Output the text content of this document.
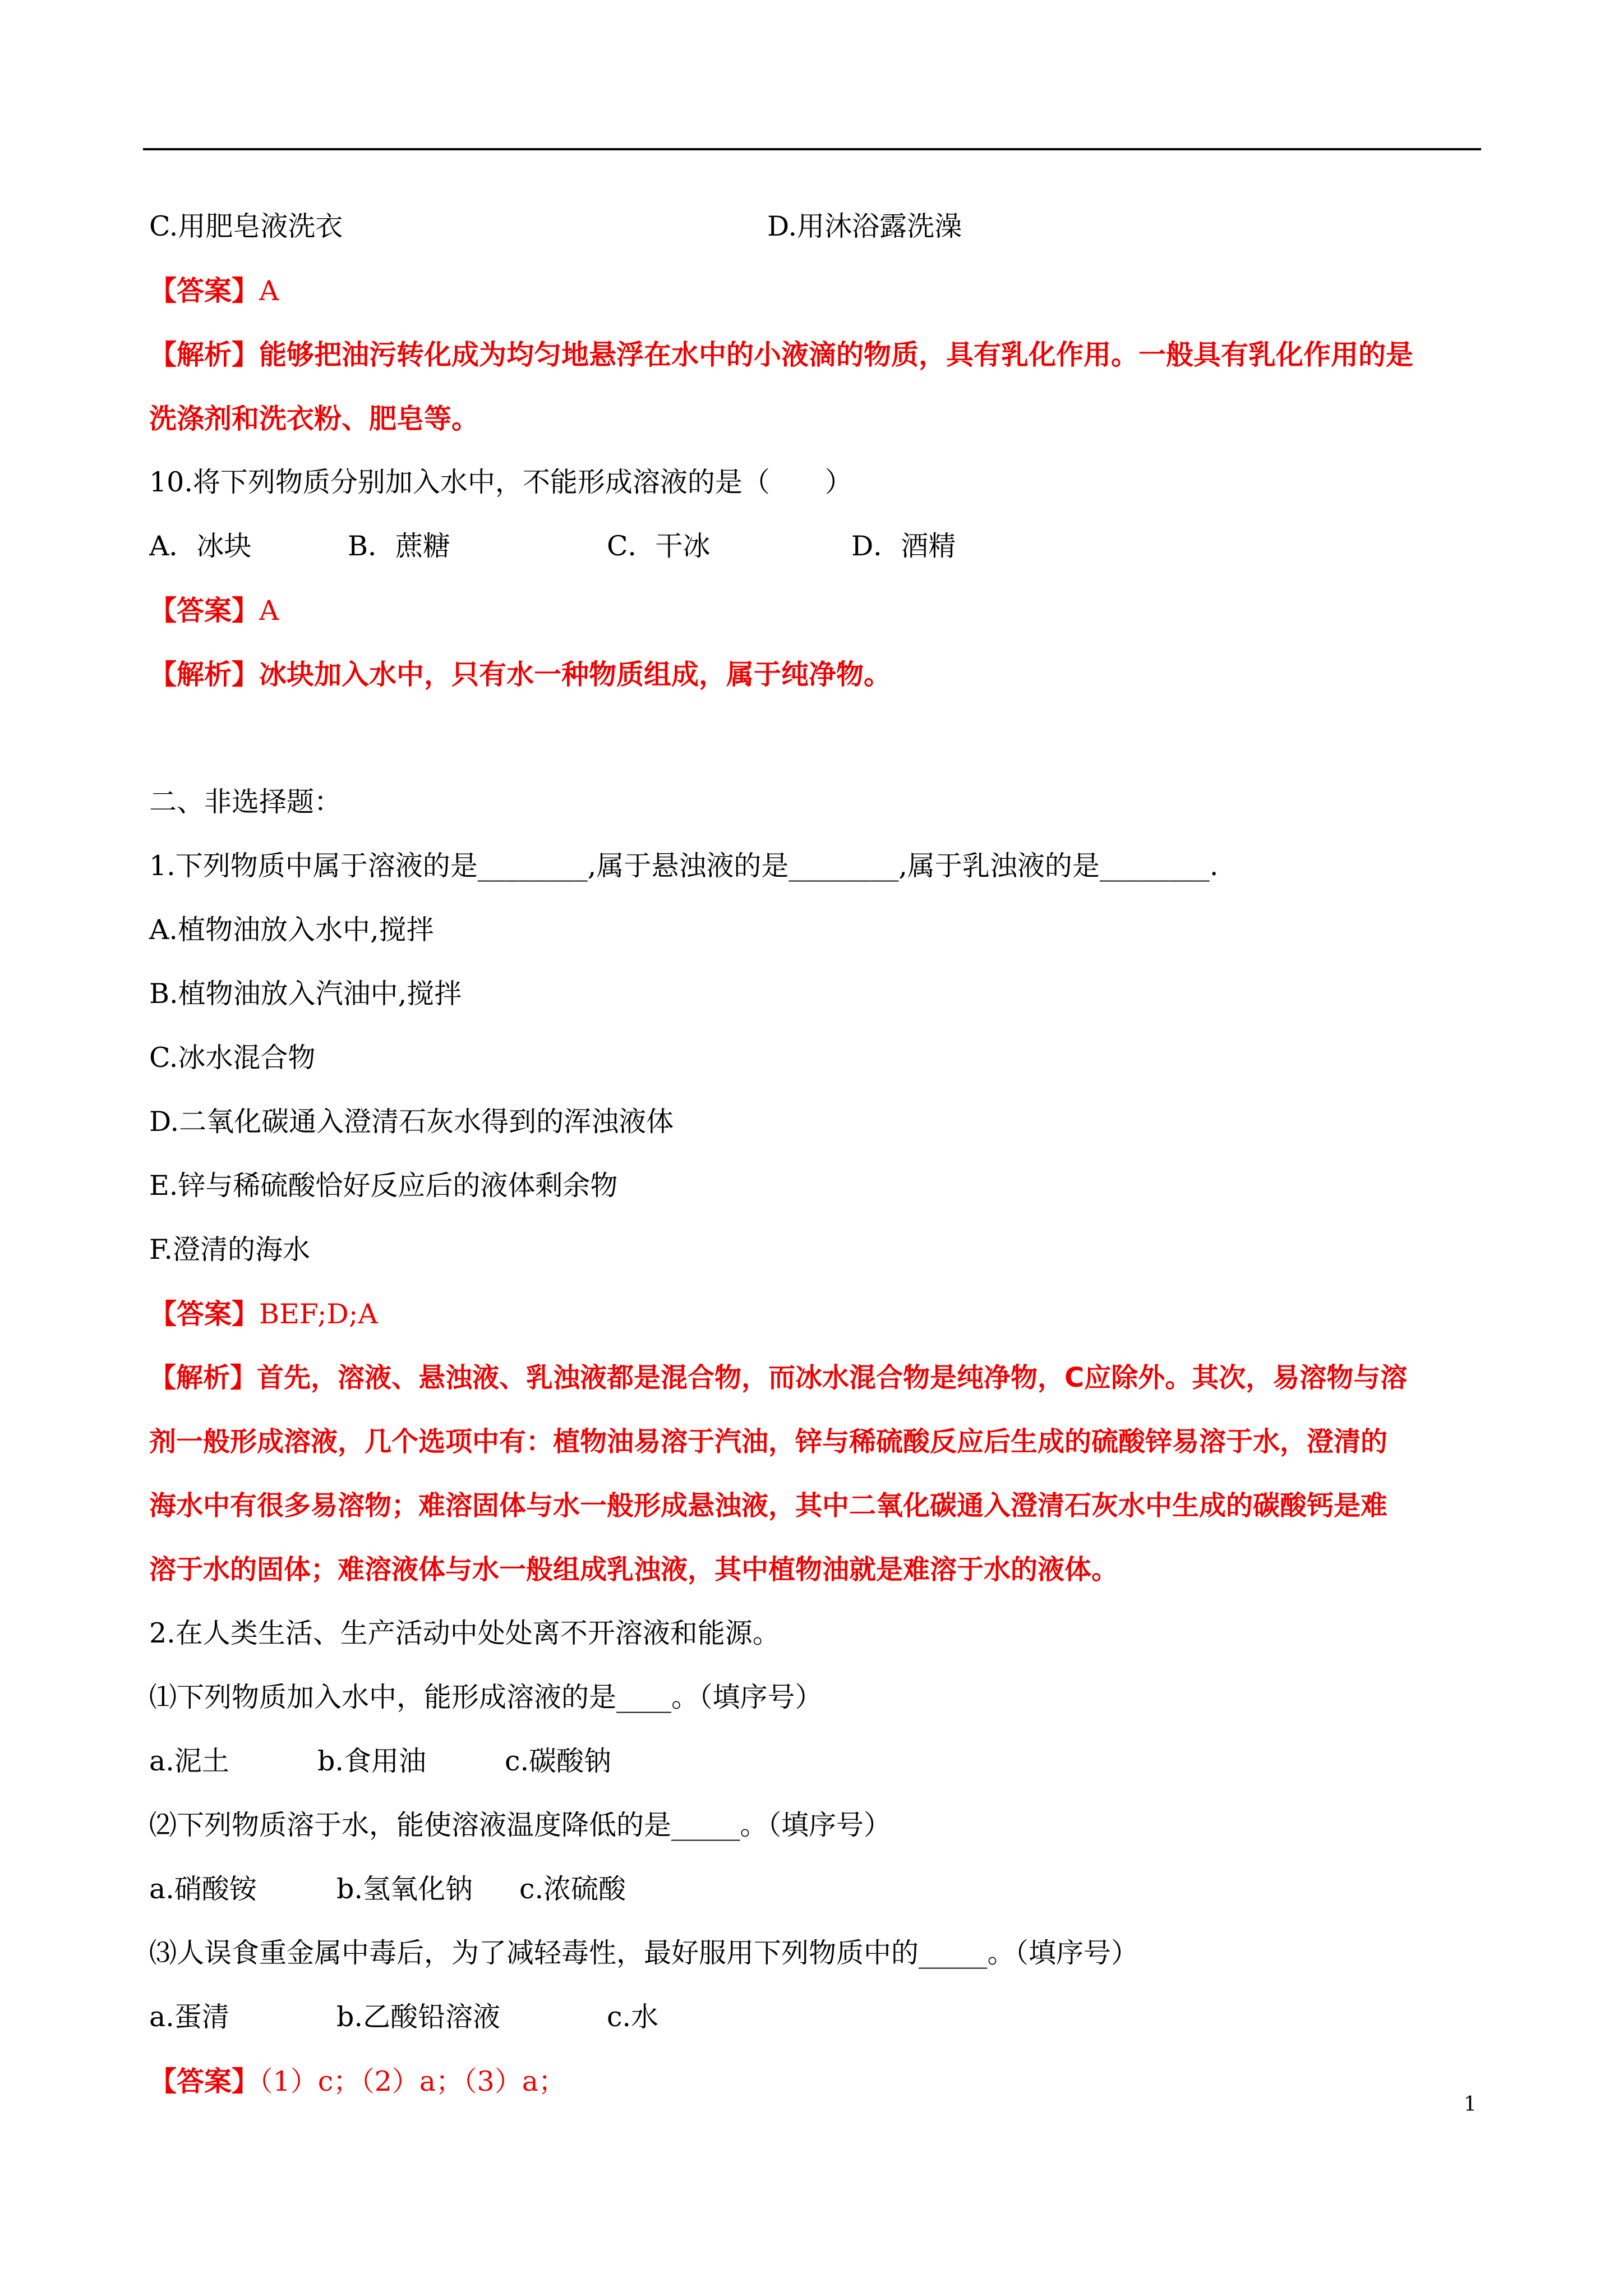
C.用肥皂液洗衣	D.用沐浴露洗澡
【答案】A
【解析】能够把油污转化成为均匀地悬浮在水中的小液滴的物质，具有乳化作用。一般具有乳化作用的是
洗涤剂和洗衣粉、肥皂等。
10.将下列物质分别加入水中，不能形成溶液的是（　　）
A．冰块	B．蔗糖	C．干冰	D．酒精
【答案】A
【解析】冰块加入水中，只有水一种物质组成，属于纯净物。
二、非选择题：
1.下列物质中属于溶液的是________,属于悬浊液的是________,属于乳浊液的是________.
A.植物油放入水中,搅拌
B.植物油放入汽油中,搅拌
C.冰水混合物
D.二氧化碳通入澄清石灰水得到的浑浊液体
E.锌与稀硫酸恰好反应后的液体剩余物
F.澄清的海水
【答案】BEF;D;A
【解析】首先，溶液、悬浊液、乳浊液都是混合物，而冰水混合物是纯净物，C应除外。其次，易溶物与溶
剂一般形成溶液，几个选项中有：植物油易溶于汽油，锌与稀硫酸反应后生成的硫酸锌易溶于水，澄清的
海水中有很多易溶物；难溶固体与水一般形成悬浊液，其中二氧化碳通入澄清石灰水中生成的碳酸钙是难
溶于水的固体；难溶液体与水一般组成乳浊液，其中植物油就是难溶于水的液体。
2.在人类生活、生产活动中处处离不开溶液和能源。
⑴下列物质加入水中，能形成溶液的是____。（填序号）
a.泥土	b.食用油	c.碳酸钠
⑵下列物质溶于水，能使溶液温度降低的是_____。（填序号）
a.硝酸铵	b.氢氧化钠 c.浓硫酸
⑶人误食重金属中毒后，为了减轻毒性，最好服用下列物质中的_____。（填序号）
a.蛋清	b.乙酸铅溶液	c.水
【答案】（1）c；（2）a；（3）a；
1
